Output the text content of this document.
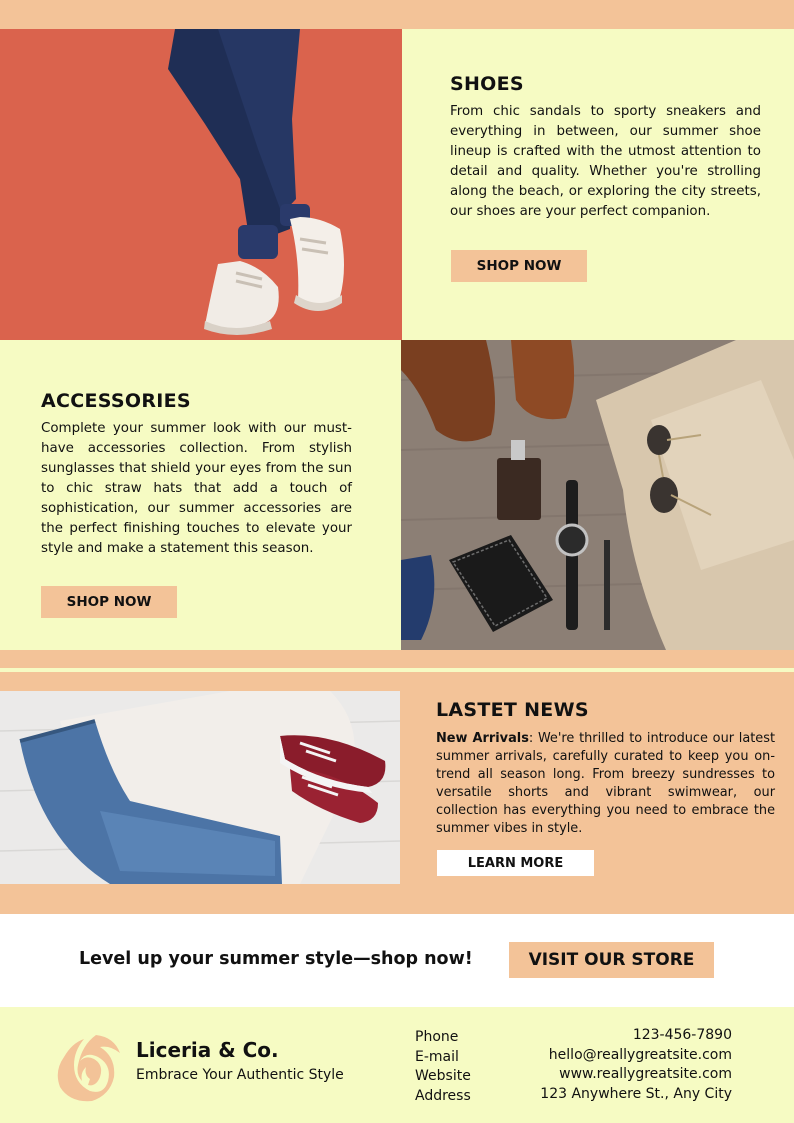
SHOES

From chic sandals to sporty sneakers and everything in between, our summer shoe lineup is crafted with the utmost attention to detail and quality. Whether you're strolling along the beach, or exploring the city streets, our shoes are your perfect companion.

SHOP NOW
ACCESSORIES

Complete your summer look with our must-have accessories collection. From stylish sunglasses that shield your eyes from the sun to chic straw hats that add a touch of sophistication, our summer accessories are the perfect finishing touches to elevate your style and make a statement this season.

SHOP NOW
LASTET NEWS

New Arrivals: We're thrilled to introduce our latest summer arrivals, carefully curated to keep you on-trend all season long. From breezy sundresses to versatile shorts and vibrant swimwear, our collection has everything you need to embrace the summer vibes in style.

LEARN MORE
Level up your summer style—shop now!	VISIT OUR STORE
Liceria & Co.
Embrace Your Authentic Style
Phone
E-mail
Website
Address
123-456-7890
hello@reallygreatsite.com
www.reallygreatsite.com
123 Anywhere St., Any City
